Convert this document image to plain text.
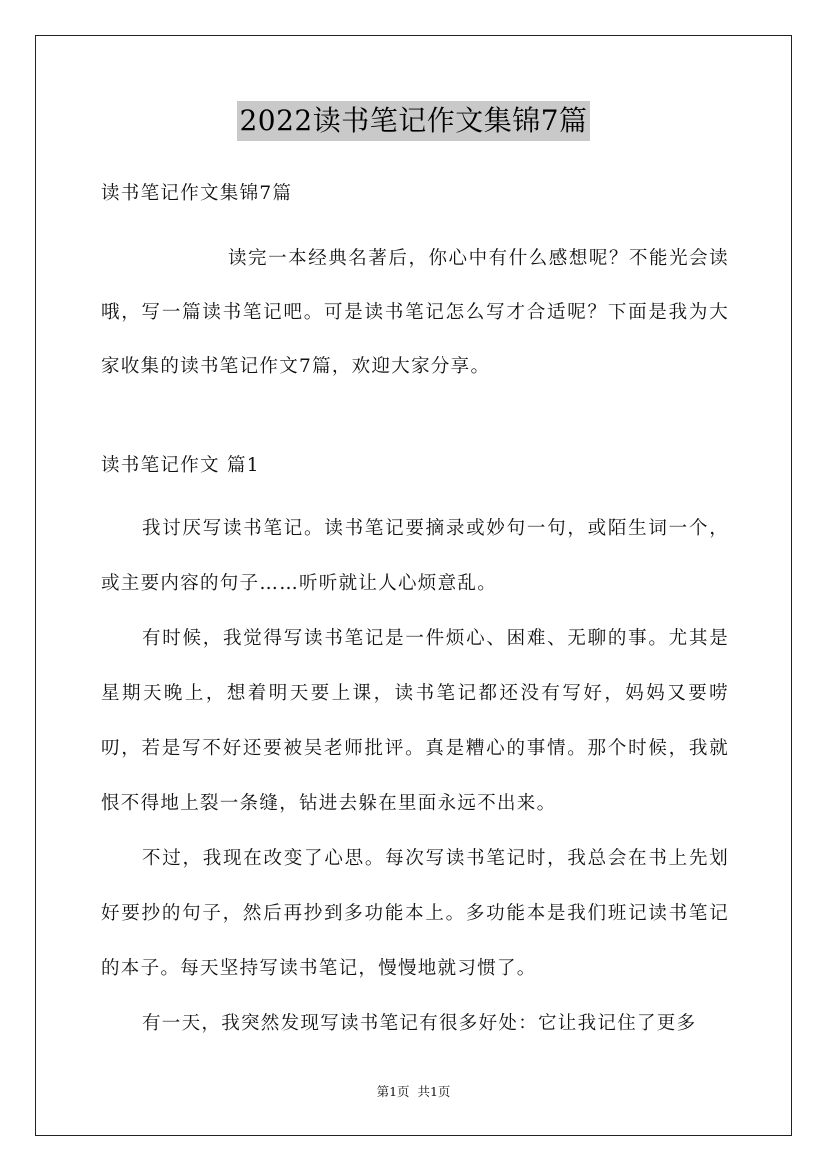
2022读书笔记作文集锦7篇
读书笔记作文集锦7篇
读完一本经典名著后，你心中有什么感想呢？不能光会读哦，写一篇读书笔记吧。可是读书笔记怎么写才合适呢？下面是我为大家收集的读书笔记作文7篇，欢迎大家分享。
读书笔记作文 篇1

我讨厌写读书笔记。读书笔记要摘录或妙句一句，或陌生词一个，或主要内容的句子……听听就让人心烦意乱。

有时候，我觉得写读书笔记是一件烦心、困难、无聊的事。尤其是星期天晚上，想着明天要上课，读书笔记都还没有写好，妈妈又要唠叨，若是写不好还要被吴老师批评。真是糟心的事情。那个时候，我就恨不得地上裂一条缝，钻进去躲在里面永远不出来。

不过，我现在改变了心思。每次写读书笔记时，我总会在书上先划好要抄的句子，然后再抄到多功能本上。多功能本是我们班记读书笔记的本子。每天坚持写读书笔记，慢慢地就习惯了。

有一天，我突然发现写读书笔记有很多好处：它让我记住了更多

第1页  共1页
